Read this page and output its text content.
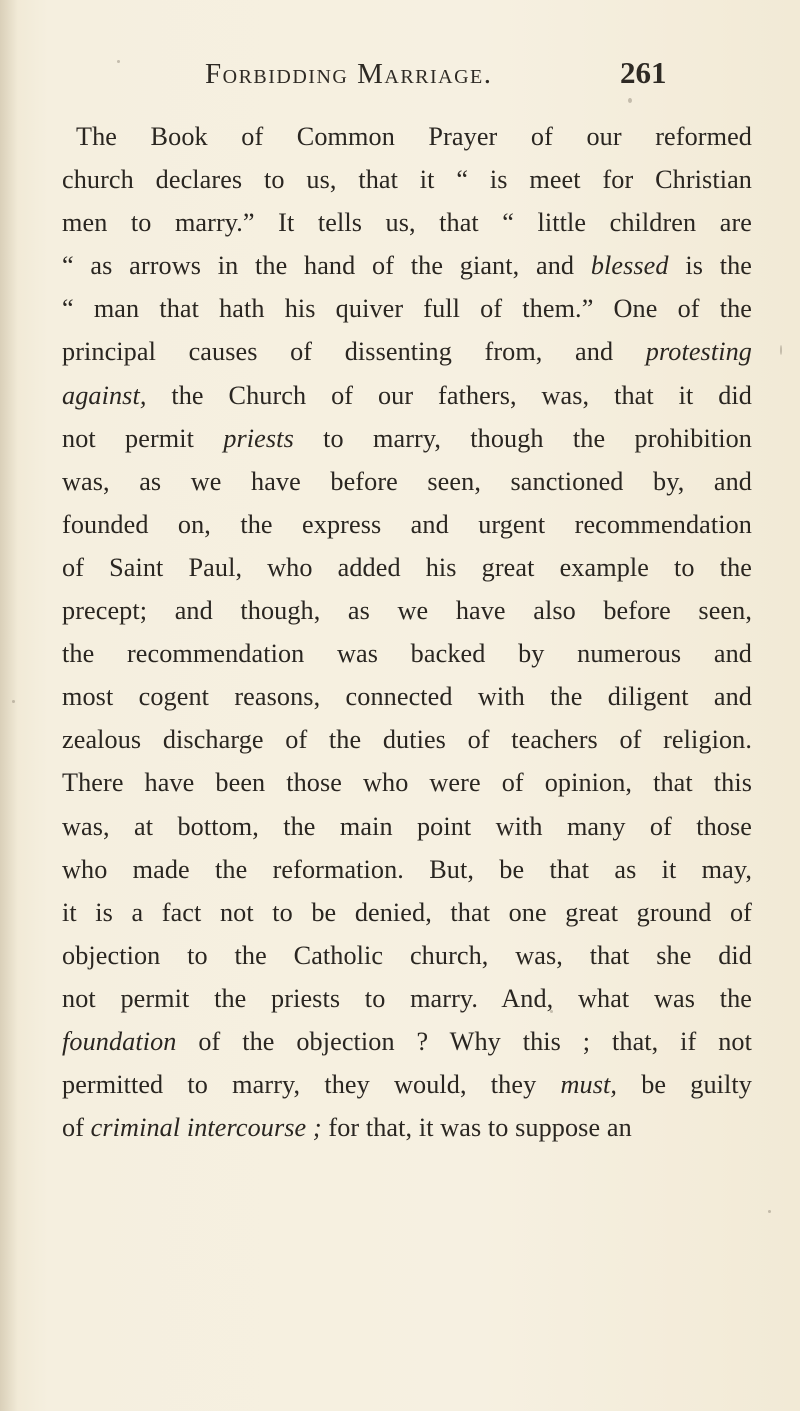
Forbidding Marriage.	261
The Book of Common Prayer of our reformed
church declares to us, that it “ is meet for Christian
men to marry.” It tells us, that “ little children are
“ as arrows in the hand of the giant, and blessed is the
“ man that hath his quiver full of them.” One of the
principal causes of dissenting from, and protesting
against, the Church of our fathers, was, that it did
not permit priests to marry, though the prohibition
was, as we have before seen, sanctioned by, and
founded on, the express and urgent recommendation
of Saint Paul, who added his great example to the
precept; and though, as we have also before seen,
the recommendation was backed by numerous and
most cogent reasons, connected with the diligent and
zealous discharge of the duties of teachers of religion.
There have been those who were of opinion, that this
was, at bottom, the main point with many of those
who made the reformation. But, be that as it may,
it is a fact not to be denied, that one great ground of
objection to the Catholic church, was, that she did
not permit the priests to marry. And, what was the
foundation of the objection ? Why this ; that, if not
permitted to marry, they would, they must, be guilty
of criminal intercourse ; for that, it was to suppose an
